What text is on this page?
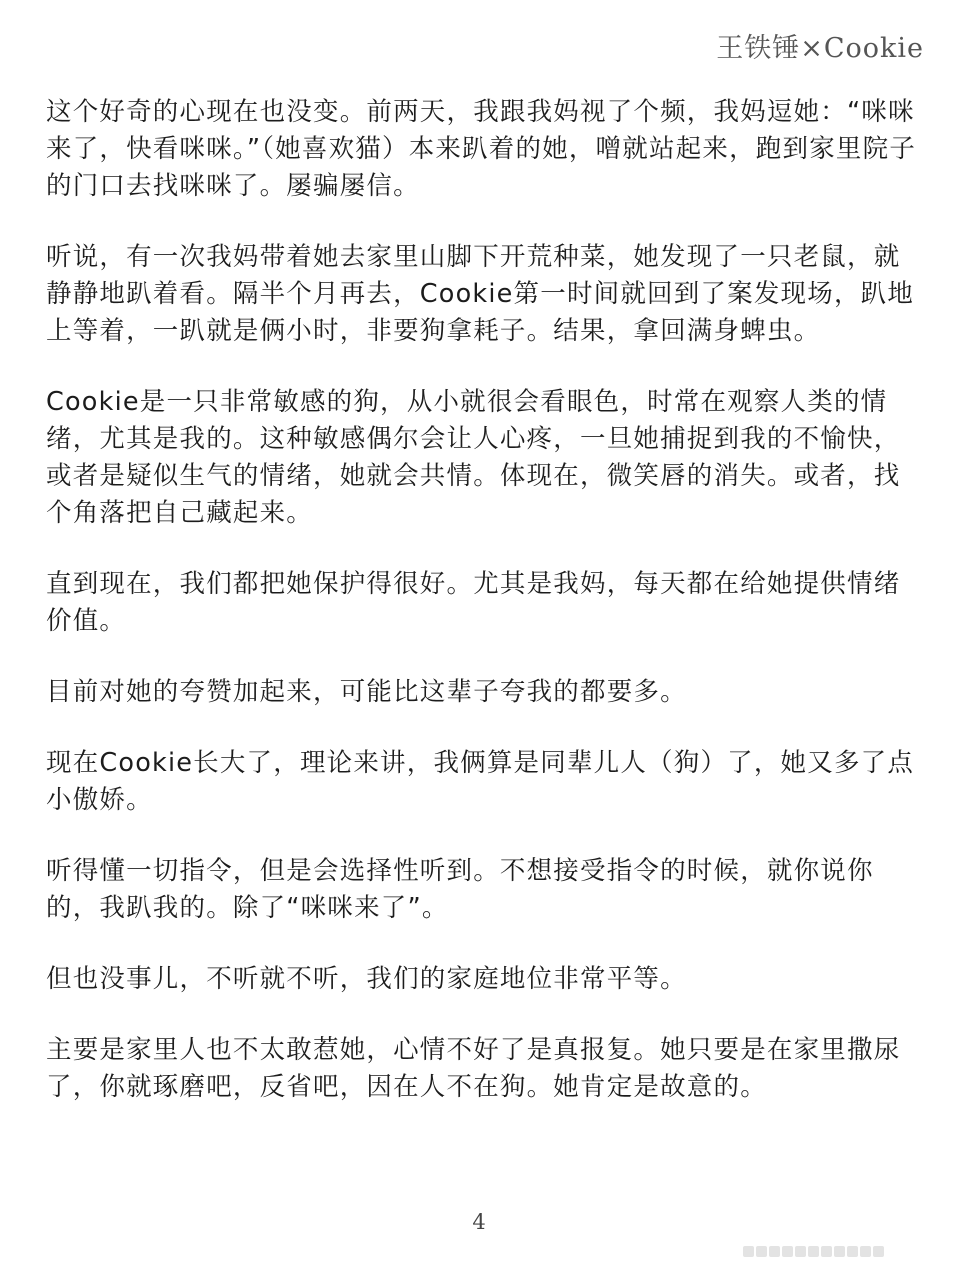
王铁锤×Cookie

这个好奇的心现在也没变。前两天，我跟我妈视了个频，我妈逗她：“咪咪来了，快看咪咪。”（她喜欢猫）本来趴着的她，噌就站起来，跑到家里院子的门口去找咪咪了。屡骗屡信。

听说，有一次我妈带着她去家里山脚下开荒种菜，她发现了一只老鼠，就静静地趴着看。隔半个月再去，Cookie第一时间就回到了案发现场，趴地上等着，一趴就是俩小时，非要狗拿耗子。结果，拿回满身蜱虫。

Cookie是一只非常敏感的狗，从小就很会看眼色，时常在观察人类的情绪，尤其是我的。这种敏感偶尔会让人心疼，一旦她捕捉到我的不愉快，或者是疑似生气的情绪，她就会共情。体现在，微笑唇的消失。或者，找个角落把自己藏起来。

直到现在，我们都把她保护得很好。尤其是我妈，每天都在给她提供情绪价值。

目前对她的夸赞加起来，可能比这辈子夸我的都要多。

现在Cookie长大了，理论来讲，我俩算是同辈儿人（狗）了，她又多了点小傲娇。

听得懂一切指令，但是会选择性听到。不想接受指令的时候，就你说你的，我趴我的。除了“咪咪来了”。

但也没事儿，不听就不听，我们的家庭地位非常平等。

主要是家里人也不太敢惹她，心情不好了是真报复。她只要是在家里撒尿了，你就琢磨吧，反省吧，因在人不在狗。她肯定是故意的。

4
